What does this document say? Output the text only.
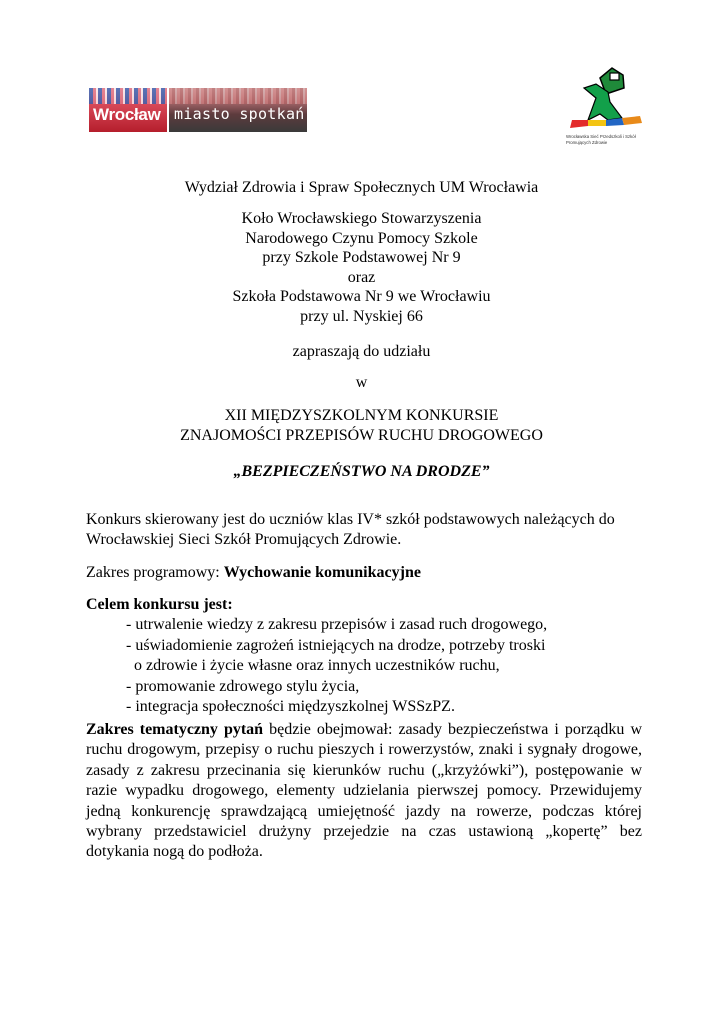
Wrocław miasto spotkań
Wrocławska Sieć Przedszkoli i Szkół Promujących Zdrowie
Wydział Zdrowia i Spraw Społecznych UM Wrocławia
Koło Wrocławskiego Stowarzyszenia
Narodowego Czynu Pomocy Szkole
przy Szkole Podstawowej Nr 9
oraz
Szkoła Podstawowa Nr 9 we Wrocławiu
przy ul. Nyskiej 66
zapraszają do udziału
w
XII MIĘDZYSZKOLNYM KONKURSIE
ZNAJOMOŚCI PRZEPISÓW RUCHU DROGOWEGO
„BEZPIECZEŃSTWO NA DRODZE”
Konkurs skierowany jest do uczniów klas IV* szkół podstawowych należących do Wrocławskiej Sieci Szkół Promujących Zdrowie.
Zakres programowy: Wychowanie komunikacyjne
Celem konkursu jest:
- utrwalenie wiedzy z zakresu przepisów i zasad ruch drogowego,
- uświadomienie zagrożeń istniejących na drodze, potrzeby troski
o zdrowie i życie własne oraz innych uczestników ruchu,
- promowanie zdrowego stylu życia,
- integracja społeczności międzyszkolnej WSSzPZ.
Zakres tematyczny pytań będzie obejmował: zasady bezpieczeństwa i porządku w ruchu drogowym, przepisy o ruchu pieszych i rowerzystów, znaki i sygnały drogowe, zasady z zakresu przecinania się kierunków ruchu („krzyżówki”), postępowanie w razie wypadku drogowego, elementy udzielania pierwszej pomocy. Przewidujemy jedną konkurencję sprawdzającą umiejętność jazdy na rowerze, podczas której wybrany przedstawiciel drużyny przejedzie na czas ustawioną „kopertę” bez dotykania nogą do podłoża.
